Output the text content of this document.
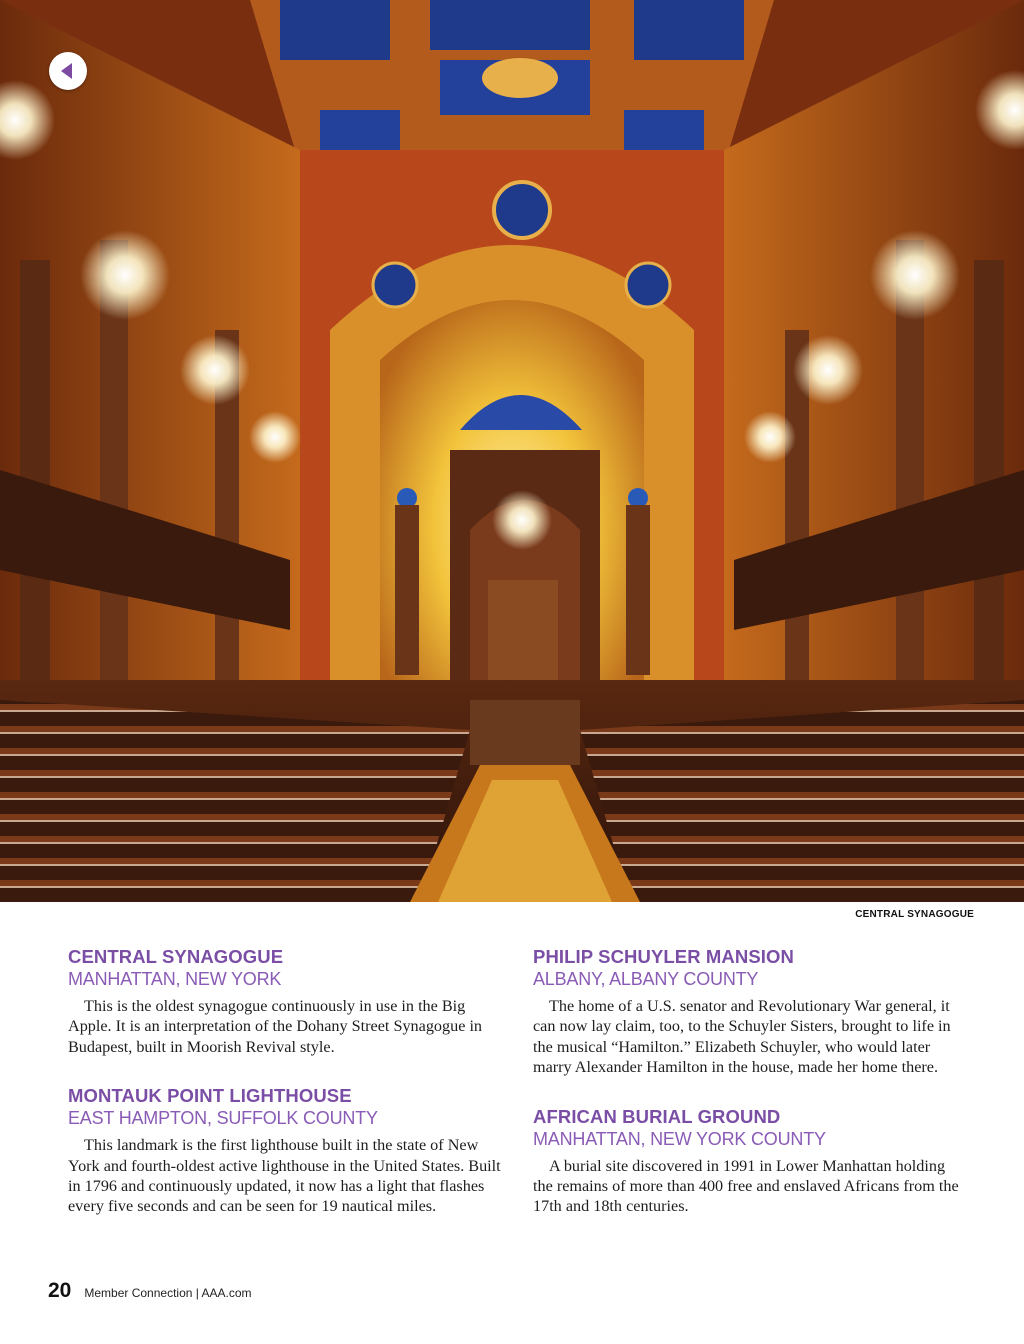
CENTRAL SYNAGOGUE
CENTRAL SYNAGOGUE
MANHATTAN, NEW YORK

This is the oldest synagogue continuously in use in the Big Apple. It is an interpretation of the Dohany Street Synagogue in Budapest, built in Moorish Revival style.

MONTAUK POINT LIGHTHOUSE
EAST HAMPTON, SUFFOLK COUNTY

This landmark is the first lighthouse built in the state of New York and fourth-oldest active lighthouse in the United States. Built in 1796 and continuously updated, it now has a light that flashes every five seconds and can be seen for 19 nautical miles.

PHILIP SCHUYLER MANSION
ALBANY, ALBANY COUNTY

The home of a U.S. senator and Revolutionary War general, it can now lay claim, too, to the Schuyler Sisters, brought to life in the musical “Hamilton.” Elizabeth Schuyler, who would later marry Alexander Hamilton in the house, made her home there.

AFRICAN BURIAL GROUND
MANHATTAN, NEW YORK COUNTY

A burial site discovered in 1991 in Lower Manhattan holding the remains of more than 400 free and enslaved Africans from the 17th and 18th centuries.

20 Member Connection | AAA.com
